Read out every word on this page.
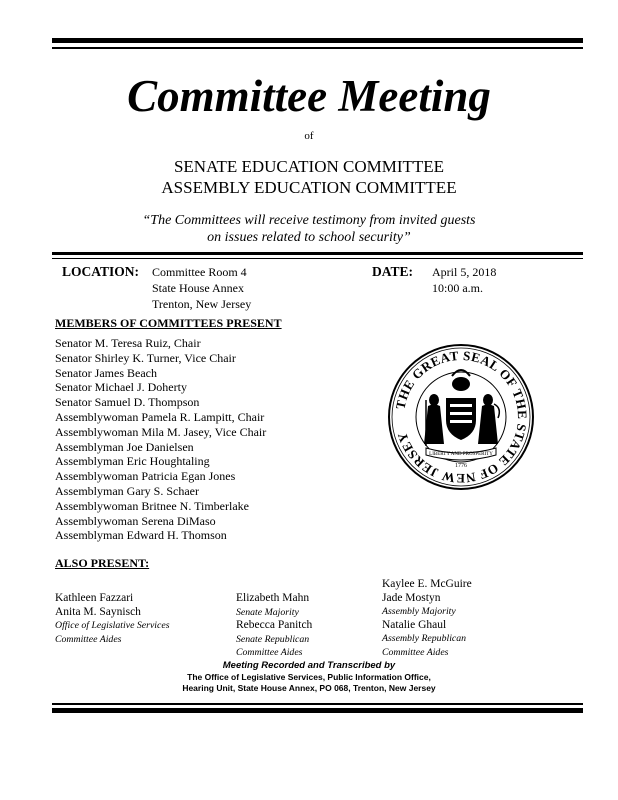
Committee Meeting
of
SENATE EDUCATION COMMITTEE
ASSEMBLY EDUCATION COMMITTEE
“The Committees will receive testimony from invited guests
on issues related to school security”
LOCATION: Committee Room 4
State House Annex
Trenton, New Jersey
DATE: April 5, 2018
10:00 a.m.
MEMBERS OF COMMITTEES PRESENT
Senator M. Teresa Ruiz, Chair
Senator Shirley K. Turner, Vice Chair
Senator James Beach
Senator Michael J. Doherty
Senator Samuel D. Thompson
Assemblywoman Pamela R. Lampitt, Chair
Assemblywoman Mila M. Jasey, Vice Chair
Assemblyman Joe Danielsen
Assemblyman Eric Houghtaling
Assemblywoman Patricia Egan Jones
Assemblyman Gary S. Schaer
Assemblywoman Britnee N. Timberlake
Assemblywoman Serena DiMaso
Assemblyman Edward H. Thomson
THE GREAT SEAL OF THE STATE OF NEW JERSEY
LIBERTY AND PROSPERITY
1776
ALSO PRESENT:
Kathleen Fazzari
Anita M. Saynisch
Office of Legislative Services
Committee Aides
Elizabeth Mahn
Senate Majority
Rebecca Panitch
Senate Republican
Committee Aides
Kaylee E. McGuire
Jade Mostyn
Assembly Majority
Natalie Ghaul
Assembly Republican
Committee Aides
Meeting Recorded and Transcribed by
The Office of Legislative Services, Public Information Office,
Hearing Unit, State House Annex, PO 068, Trenton, New Jersey
